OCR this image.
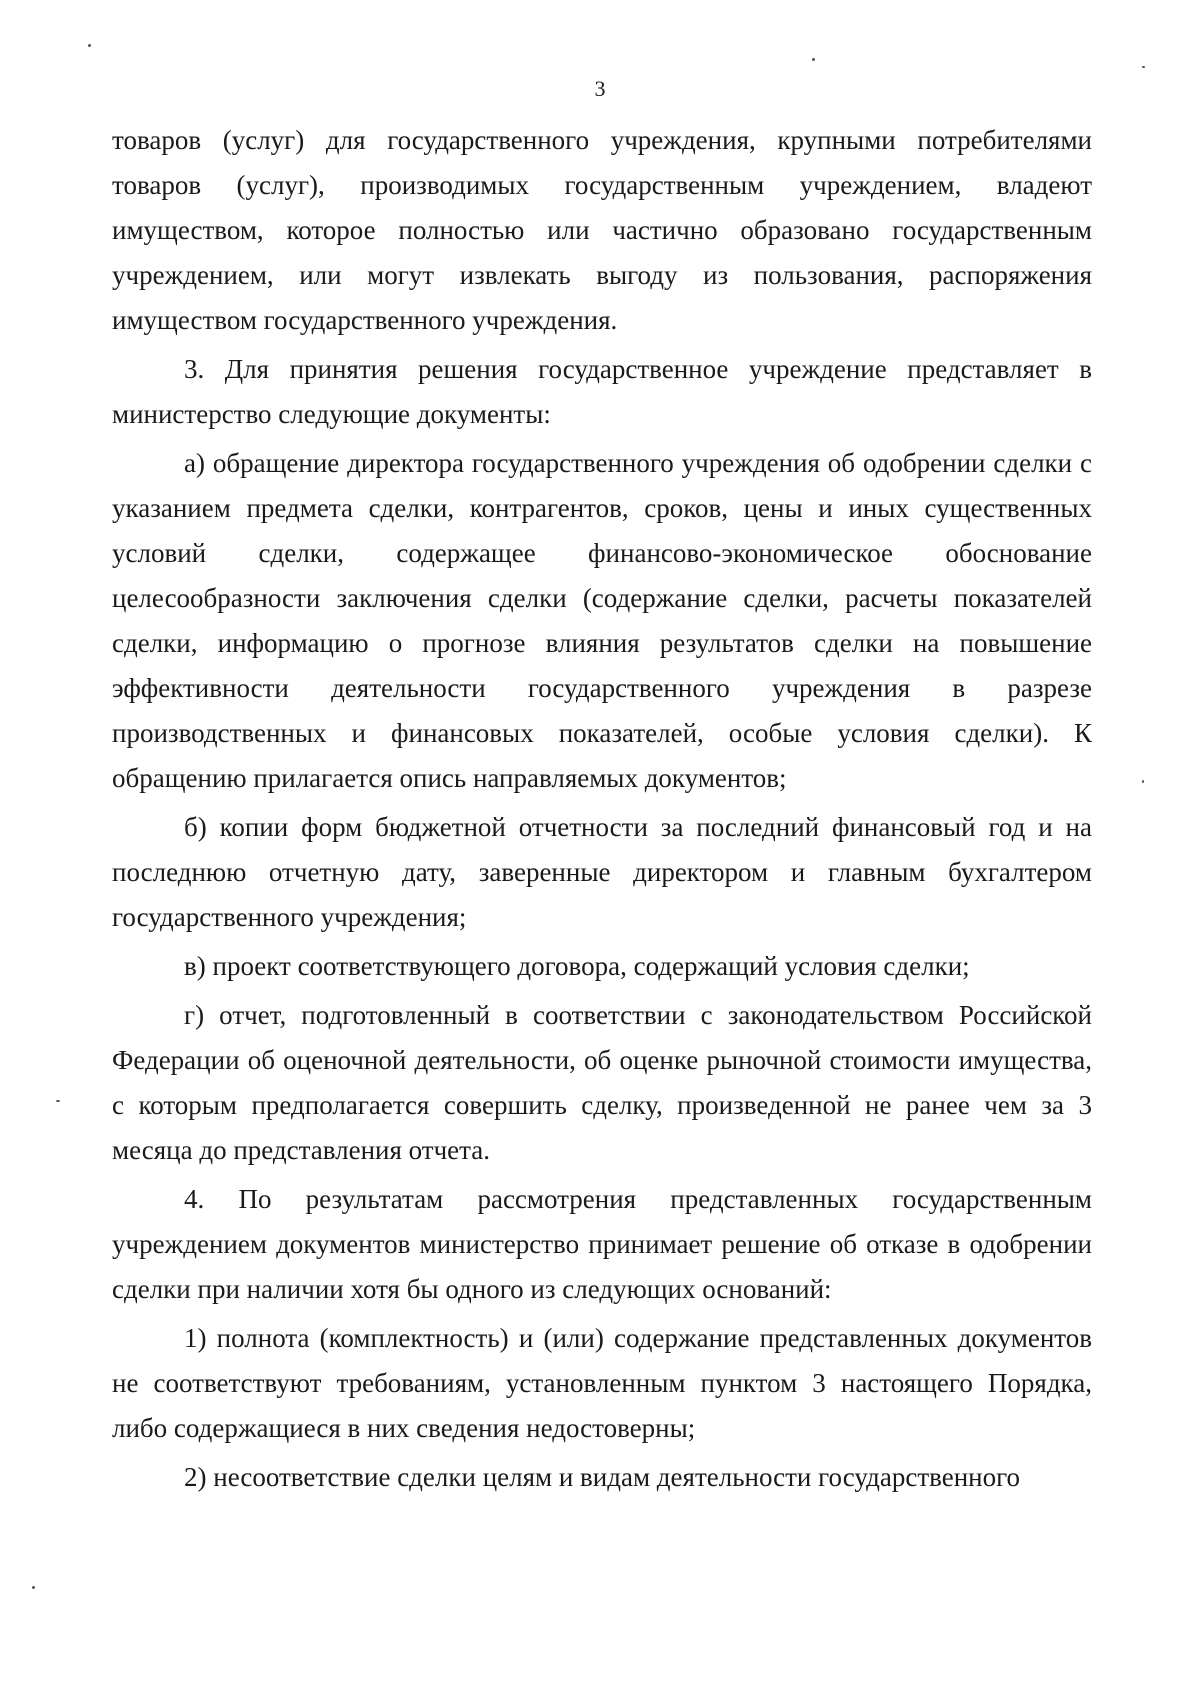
3

товаров (услуг) для государственного учреждения, крупными потребителями товаров (услуг), производимых государственным учреждением, владеют имуществом, которое полностью или частично образовано государственным учреждением, или могут извлекать выгоду из пользования, распоряжения имуществом государственного учреждения.

3. Для принятия решения государственное учреждение представляет в министерство следующие документы:

а) обращение директора государственного учреждения об одобрении сделки с указанием предмета сделки, контрагентов, сроков, цены и иных существенных условий сделки, содержащее финансово-экономическое обоснование целесообразности заключения сделки (содержание сделки, расчеты показателей сделки, информацию о прогнозе влияния результатов сделки на повышение эффективности деятельности государственного учреждения в разрезе производственных и финансовых показателей, особые условия сделки). К обращению прилагается опись направляемых документов;

б) копии форм бюджетной отчетности за последний финансовый год и на последнюю отчетную дату, заверенные директором и главным бухгалтером государственного учреждения;

в) проект соответствующего договора, содержащий условия сделки;

г) отчет, подготовленный в соответствии с законодательством Российской Федерации об оценочной деятельности, об оценке рыночной стоимости имущества, с которым предполагается совершить сделку, произведенной не ранее чем за 3 месяца до представления отчета.

4. По результатам рассмотрения представленных государственным учреждением документов министерство принимает решение об отказе в одобрении сделки при наличии хотя бы одного из следующих оснований:

1) полнота (комплектность) и (или) содержание представленных документов не соответствуют требованиям, установленным пунктом 3 настоящего Порядка, либо содержащиеся в них сведения недостоверны;

2) несоответствие сделки целям и видам деятельности государственного
